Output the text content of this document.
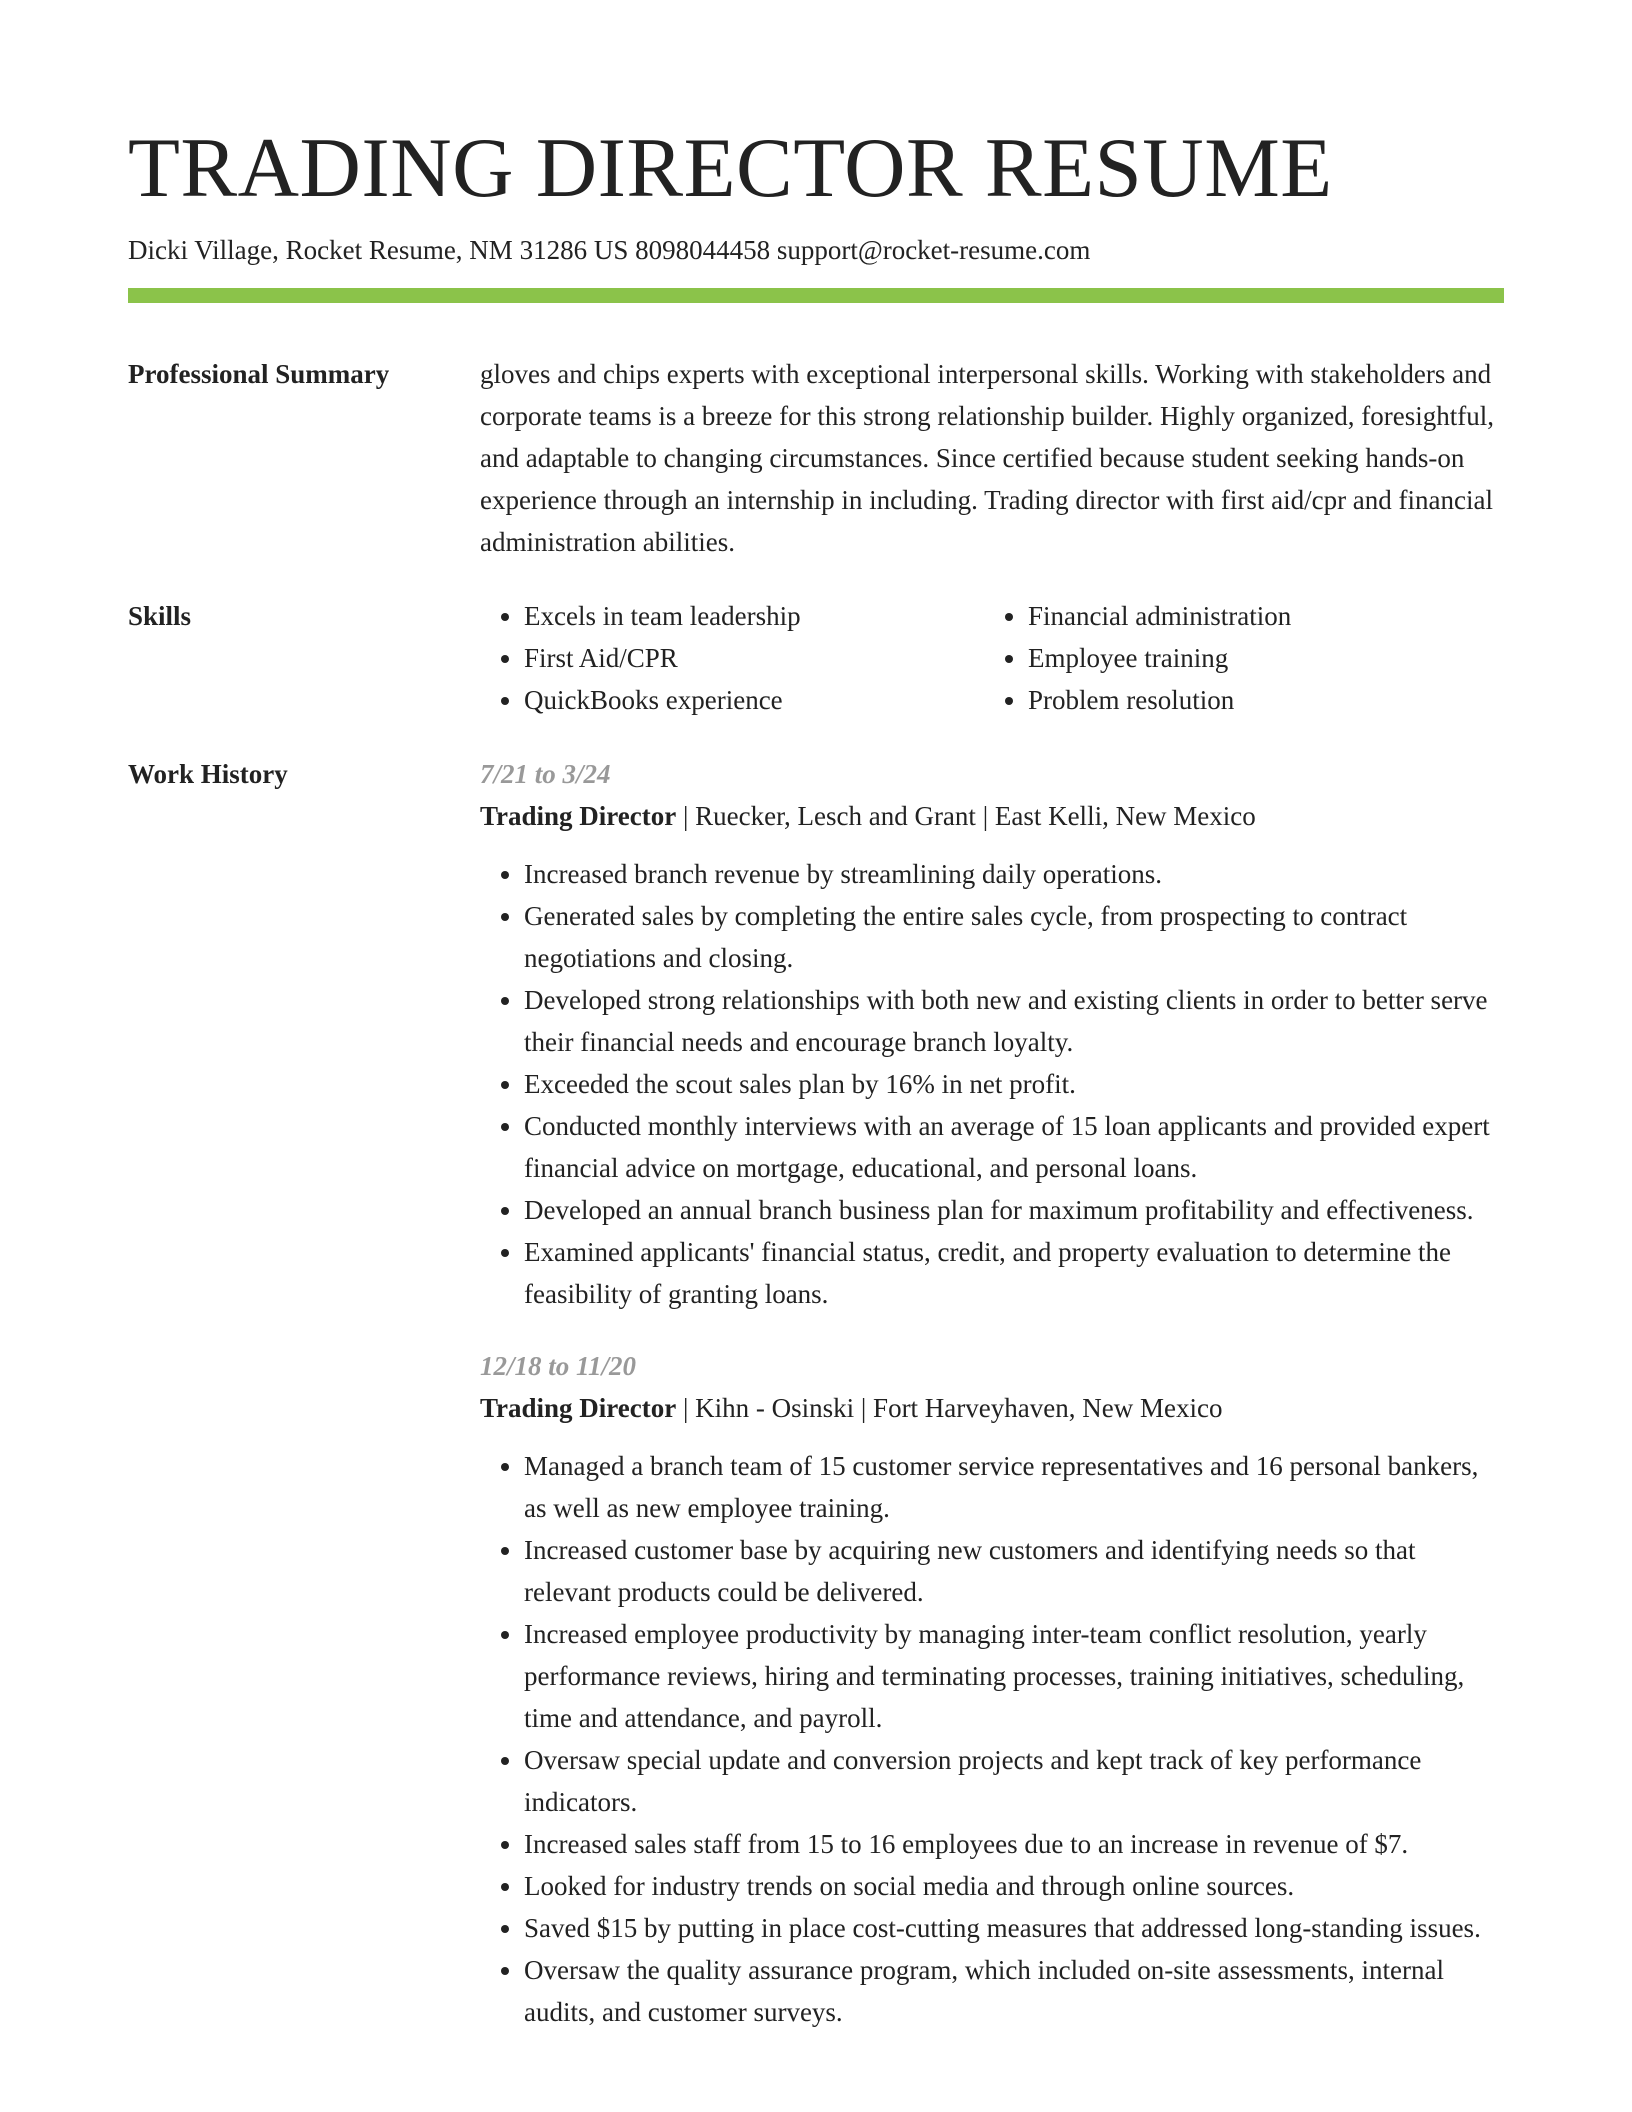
TRADING DIRECTOR RESUME
Dicki Village, Rocket Resume, NM 31286 US 8098044458 support@rocket-resume.com
Professional Summary	gloves and chips experts with exceptional interpersonal skills. Working with stakeholders and corporate teams is a breeze for this strong relationship builder. Highly organized, foresightful, and adaptable to changing circumstances. Since certified because student seeking hands-on experience through an internship in including. Trading director with first aid/cpr and financial administration abilities.
Skills
•	Excels in team leadership
• First Aid/CPR
• QuickBooks experience
• Financial administration
• Employee training
• Problem resolution
Work History	7/21 to 3/24
Trading Director | Ruecker, Lesch and Grant | East Kelli, New Mexico
• Increased branch revenue by streamlining daily operations.
• Generated sales by completing the entire sales cycle, from prospecting to contract negotiations and closing.
• Developed strong relationships with both new and existing clients in order to better serve their financial needs and encourage branch loyalty.
• Exceeded the scout sales plan by 16% in net profit.
• Conducted monthly interviews with an average of 15 loan applicants and provided expert financial advice on mortgage, educational, and personal loans.
• Developed an annual branch business plan for maximum profitability and effectiveness.
• Examined applicants' financial status, credit, and property evaluation to determine the feasibility of granting loans.
12/18 to 11/20
Trading Director | Kihn - Osinski | Fort Harveyhaven, New Mexico
• Managed a branch team of 15 customer service representatives and 16 personal bankers, as well as new employee training.
• Increased customer base by acquiring new customers and identifying needs so that relevant products could be delivered.
• Increased employee productivity by managing inter-team conflict resolution, yearly performance reviews, hiring and terminating processes, training initiatives, scheduling, time and attendance, and payroll.
• Oversaw special update and conversion projects and kept track of key performance indicators.
• Increased sales staff from 15 to 16 employees due to an increase in revenue of $7.
• Looked for industry trends on social media and through online sources.
• Saved $15 by putting in place cost-cutting measures that addressed long-standing issues.
• Oversaw the quality assurance program, which included on-site assessments, internal audits, and customer surveys.
